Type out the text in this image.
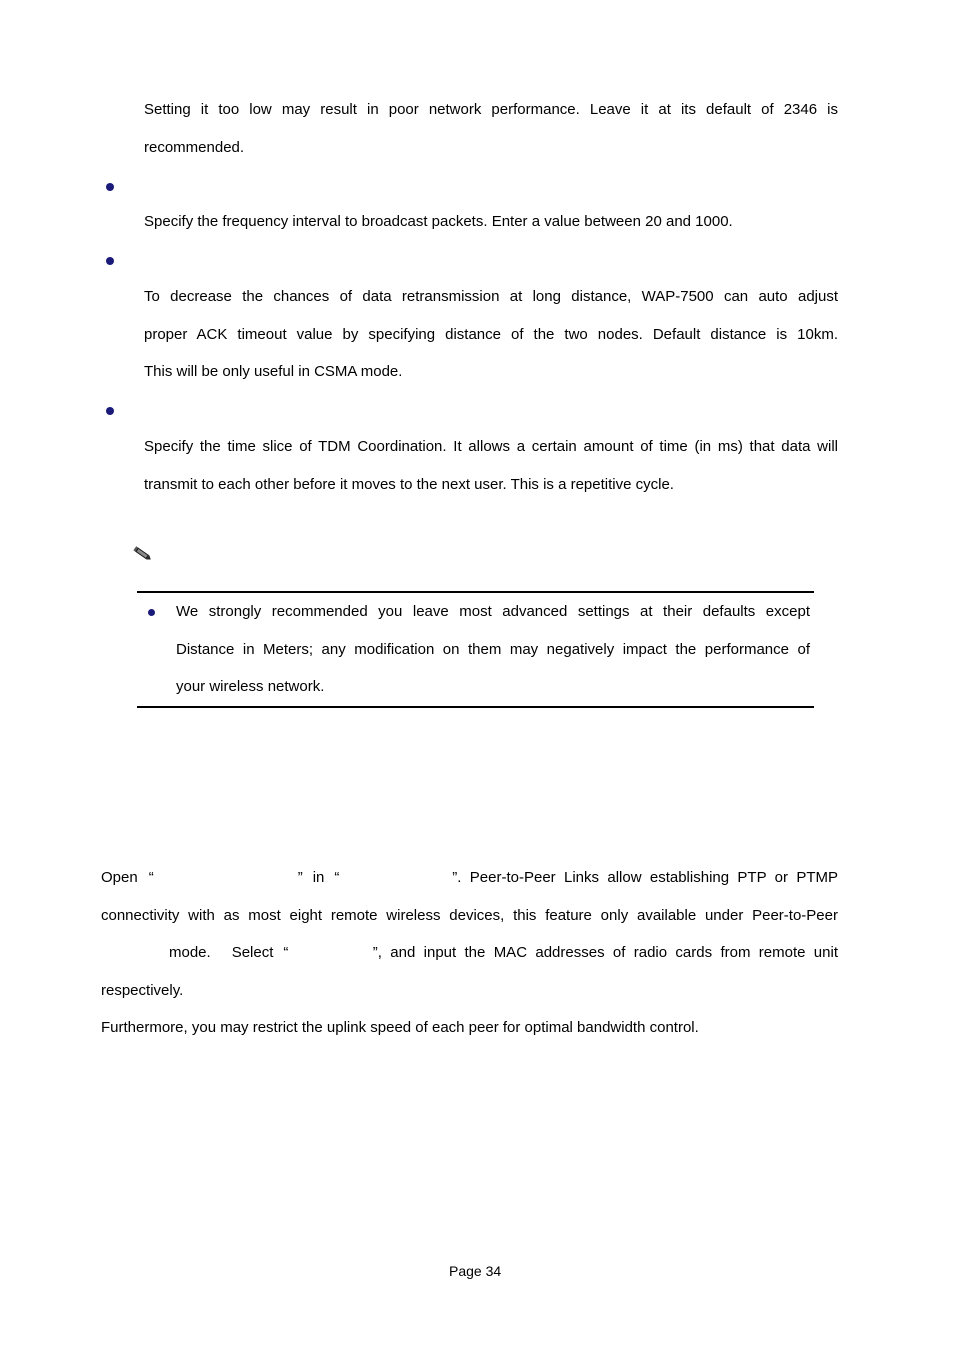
Setting it too low may result in poor network performance. Leave it at its default of 2346 is
recommended.
Specify the frequency interval to broadcast packets. Enter a value between 20 and 1000.
To decrease the chances of data retransmission at long distance, WAP-7500 can auto adjust
proper ACK timeout value by specifying distance of the two nodes. Default distance is 10km.
This will be only useful in CSMA mode.
Specify the time slice of TDM Coordination. It allows a certain amount of time (in ms) that data will
transmit to each other before it moves to the next user. This is a repetitive cycle.
We strongly recommended you leave most advanced settings at their defaults except
Distance in Meters; any modification on them may negatively impact the performance of
your wireless network.
Open “	” in “	”.  Peer-to-Peer  Links  allow  establishing  PTP  or  PTMP
connectivity with as most eight remote wireless devices, this feature only available under Peer-to-Peer
mode. Select “	”,  and  input  the  MAC  addresses  of  radio  cards  from  remote  unit
respectively.
Furthermore, you may restrict the uplink speed of each peer for optimal bandwidth control.
Page 34
